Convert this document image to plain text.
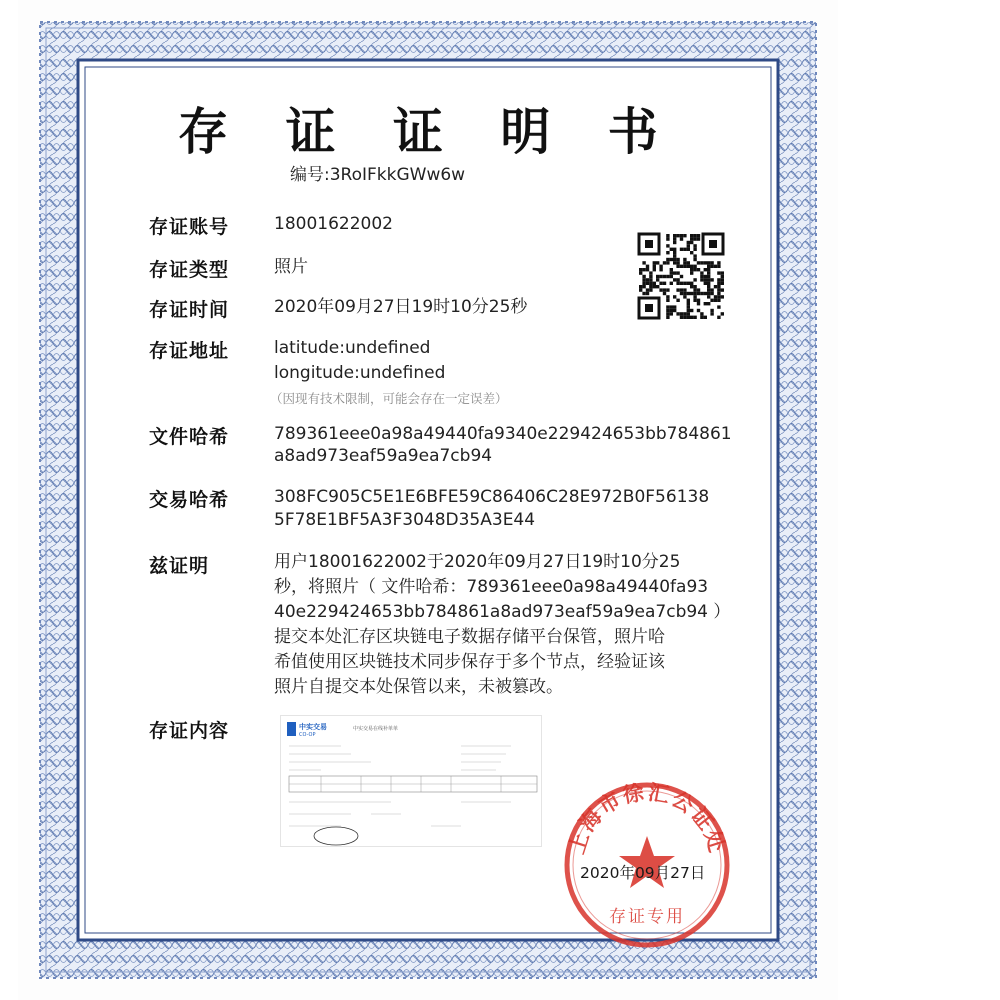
存 证 证 明 书
编号:3RoIFkkGWw6w
存证账号	18001622002
存证类型	照片
存证时间	2020年09月27日19时10分25秒
存证地址	latitude:undefined
longitude:undefined
（因现有技术限制，可能会存在一定误差）
文件哈希	789361eee0a98a49440fa9340e229424653bb784861
a8ad973eaf59a9ea7cb94
交易哈希	308FC905C5E1E6BFE59C86406C28E972B0F56138
5F78E1BF5A3F3048D35A3E44
兹证明	用户18001622002于2020年09月27日19时10分25
秒，将照片（ 文件哈希：789361eee0a98a49440fa93
40e229424653bb784861a8ad973eaf59a9ea7cb94 ）
提交本处汇存区块链电子数据存储平台保管，照片哈
希值使用区块链技术同步保存于多个节点，经验证该
照片自提交本处保管以来，未被篡改。
存证内容	中实交易
CO-OP
中实交易在线补单单
上海市徐汇公证处
存证专用
2020年09月27日
